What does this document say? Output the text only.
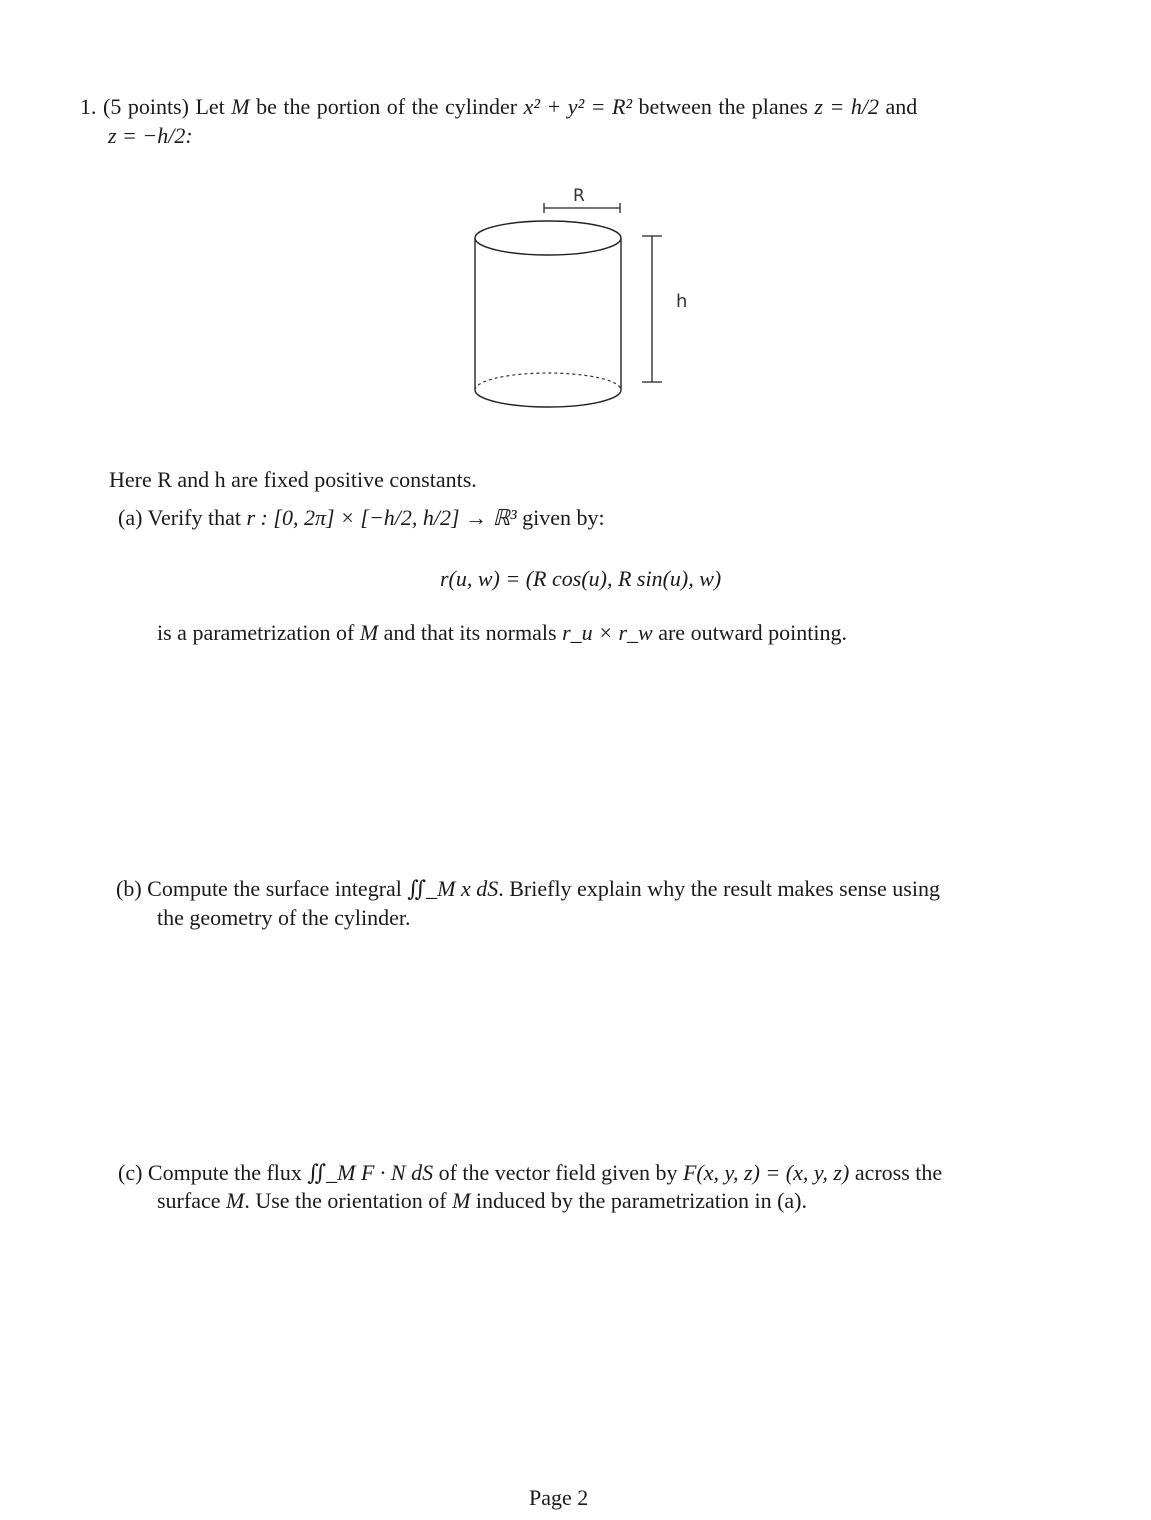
1. (5 points) Let M be the portion of the cylinder x² + y² = R² between the planes z = h/2 and
z = −h/2:
R
h
Here R and h are fixed positive constants.
(a) Verify that r : [0, 2π] × [−h/2, h/2] → ℝ³ given by:
r(u, w) = (R cos(u), R sin(u), w)
is a parametrization of M and that its normals r_u × r_w are outward pointing.
(b) Compute the surface integral ∬_M x dS. Briefly explain why the result makes sense using
the geometry of the cylinder.
(c) Compute the flux ∬_M F · N dS of the vector field given by F(x, y, z) = (x, y, z) across the
surface M. Use the orientation of M induced by the parametrization in (a).
Page 2
